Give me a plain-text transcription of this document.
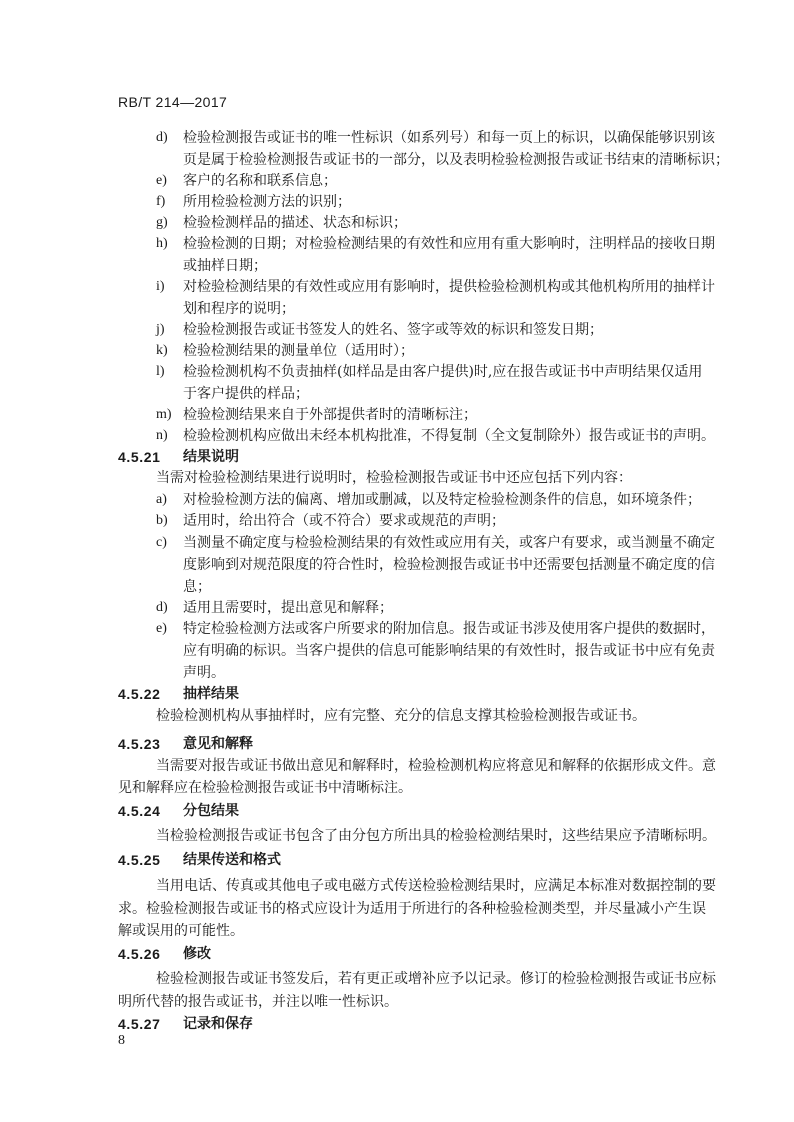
RB/T 214—2017
d)	检验检测报告或证书的唯一性标识（如系列号）和每一页上的标识，以确保能够识别该
页是属于检验检测报告或证书的一部分，以及表明检验检测报告或证书结束的清晰标识；
e)	客户的名称和联系信息；
f)	所用检验检测方法的识别；
g)	检验检测样品的描述、状态和标识；
h)	检验检测的日期；对检验检测结果的有效性和应用有重大影响时，注明样品的接收日期
或抽样日期；
i)	对检验检测结果的有效性或应用有影响时，提供检验检测机构或其他机构所用的抽样计
划和程序的说明；
j)	检验检测报告或证书签发人的姓名、签字或等效的标识和签发日期；
k)	检验检测结果的测量单位（适用时）；
l)	检验检测机构不负责抽样(如样品是由客户提供)时,应在报告或证书中声明结果仅适用
于客户提供的样品；
m) 检验检测结果来自于外部提供者时的清晰标注；
n)	检验检测机构应做出未经本机构批准，不得复制（全文复制除外）报告或证书的声明。
4.5.21 结果说明
当需对检验检测结果进行说明时，检验检测报告或证书中还应包括下列内容：
a)	对检验检测方法的偏离、增加或删减，以及特定检验检测条件的信息，如环境条件；
b)	适用时，给出符合（或不符合）要求或规范的声明；
c)	当测量不确定度与检验检测结果的有效性或应用有关，或客户有要求，或当测量不确定
度影响到对规范限度的符合性时，检验检测报告或证书中还需要包括测量不确定度的信
息；
d)	适用且需要时，提出意见和解释；
e)	特定检验检测方法或客户所要求的附加信息。报告或证书涉及使用客户提供的数据时，
应有明确的标识。当客户提供的信息可能影响结果的有效性时，报告或证书中应有免责
声明。
4.5.22 抽样结果
检验检测机构从事抽样时，应有完整、充分的信息支撑其检验检测报告或证书。
4.5.23 意见和解释
当需要对报告或证书做出意见和解释时，检验检测机构应将意见和解释的依据形成文件。意
见和解释应在检验检测报告或证书中清晰标注。
4.5.24 分包结果
当检验检测报告或证书包含了由分包方所出具的检验检测结果时，这些结果应予清晰标明。
4.5.25 结果传送和格式
当用电话、传真或其他电子或电磁方式传送检验检测结果时，应满足本标准对数据控制的要
求。检验检测报告或证书的格式应设计为适用于所进行的各种检验检测类型，并尽量减小产生误
解或误用的可能性。
4.5.26 修改
检验检测报告或证书签发后，若有更正或增补应予以记录。修订的检验检测报告或证书应标
明所代替的报告或证书，并注以唯一性标识。
4.5.27 记录和保存
8
